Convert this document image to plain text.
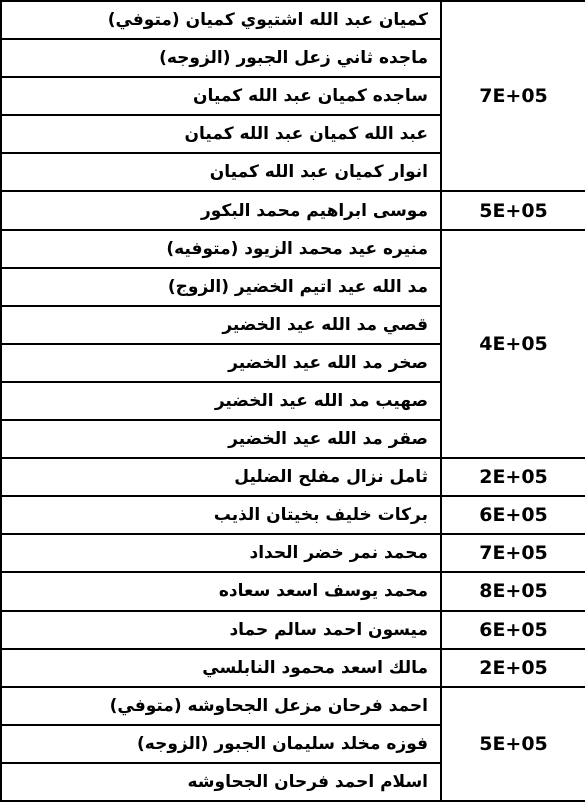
كميان عبد الله اشتيوي كميان (متوفي)	7E+05
ماجده ثاني زعل الجبور (الزوجه)	
ساجده كميان عبد الله كميان	
عبد الله كميان عبد الله كميان	
انوار كميان عبد الله كميان	
موسى ابراهيم محمد البكور	5E+05
منيره عيد محمد الزيود (متوفيه)	4E+05
مد الله عيد اتيم الخضير (الزوج)	
قصي مد الله عيد الخضير	
صخر مد الله عيد الخضير	
صهيب مد الله عيد الخضير	
صقر مد الله عيد الخضير	
ثامل نزال مفلح الضليل	2E+05
بركات خليف بخيتان الذيب	6E+05
محمد نمر خضر الحداد	7E+05
محمد يوسف اسعد سعاده	8E+05
ميسون احمد سالم حماد	6E+05
مالك اسعد محمود النابلسي	2E+05
احمد فرحان مزعل الجحاوشه (متوفي)	5E+05
فوزه مخلد سليمان الجبور (الزوجه)	
اسلام احمد فرحان الجحاوشه	
